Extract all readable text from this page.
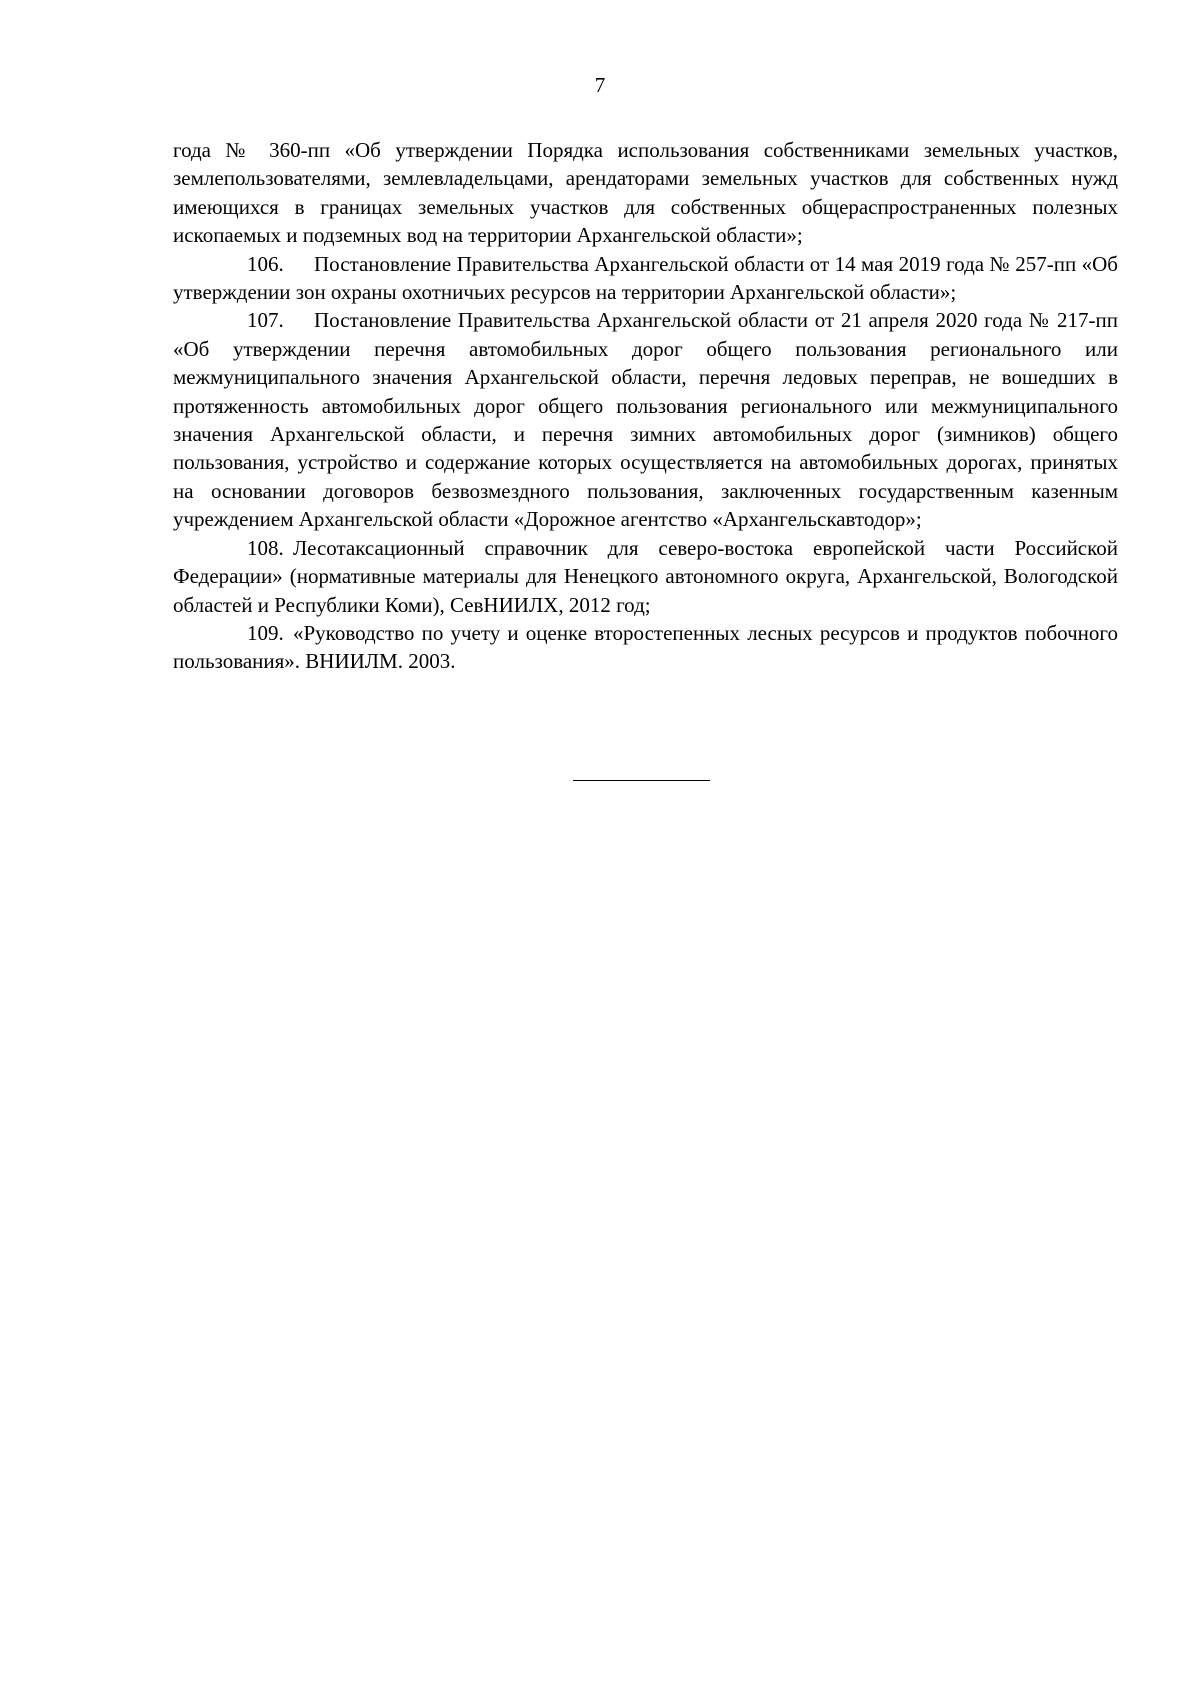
7

года № 360-пп «Об утверждении Порядка использования собственниками земельных участков, землепользователями, землевладельцами, арендаторами земельных участков для собственных нужд имеющихся в границах земельных участков для собственных общераспространенных полезных ископаемых и подземных вод на территории Архангельской области»;

106. Постановление Правительства Архангельской области от 14 мая 2019 года № 257-пп «Об утверждении зон охраны охотничьих ресурсов на территории Архангельской области»;

107. Постановление Правительства Архангельской области от 21 апреля 2020 года № 217-пп «Об утверждении перечня автомобильных дорог общего пользования регионального или межмуниципального значения Архангельской области, перечня ледовых переправ, не вошедших в протяженность автомобильных дорог общего пользования регионального или межмуниципального значения Архангельской области, и перечня зимних автомобильных дорог (зимников) общего пользования, устройство и содержание которых осуществляется на автомобильных дорогах, принятых на основании договоров безвозмездного пользования, заключенных государственным казенным учреждением Архангельской области «Дорожное агентство «Архангельскавтодор»;

108. Лесотаксационный справочник для северо-востока европейской части Российской Федерации» (нормативные материалы для Ненецкого автономного округа, Архангельской, Вологодской областей и Республики Коми), СевНИИЛХ, 2012 год;

109. «Руководство по учету и оценке второстепенных лесных ресурсов и продуктов побочного пользования». ВНИИЛМ. 2003.
